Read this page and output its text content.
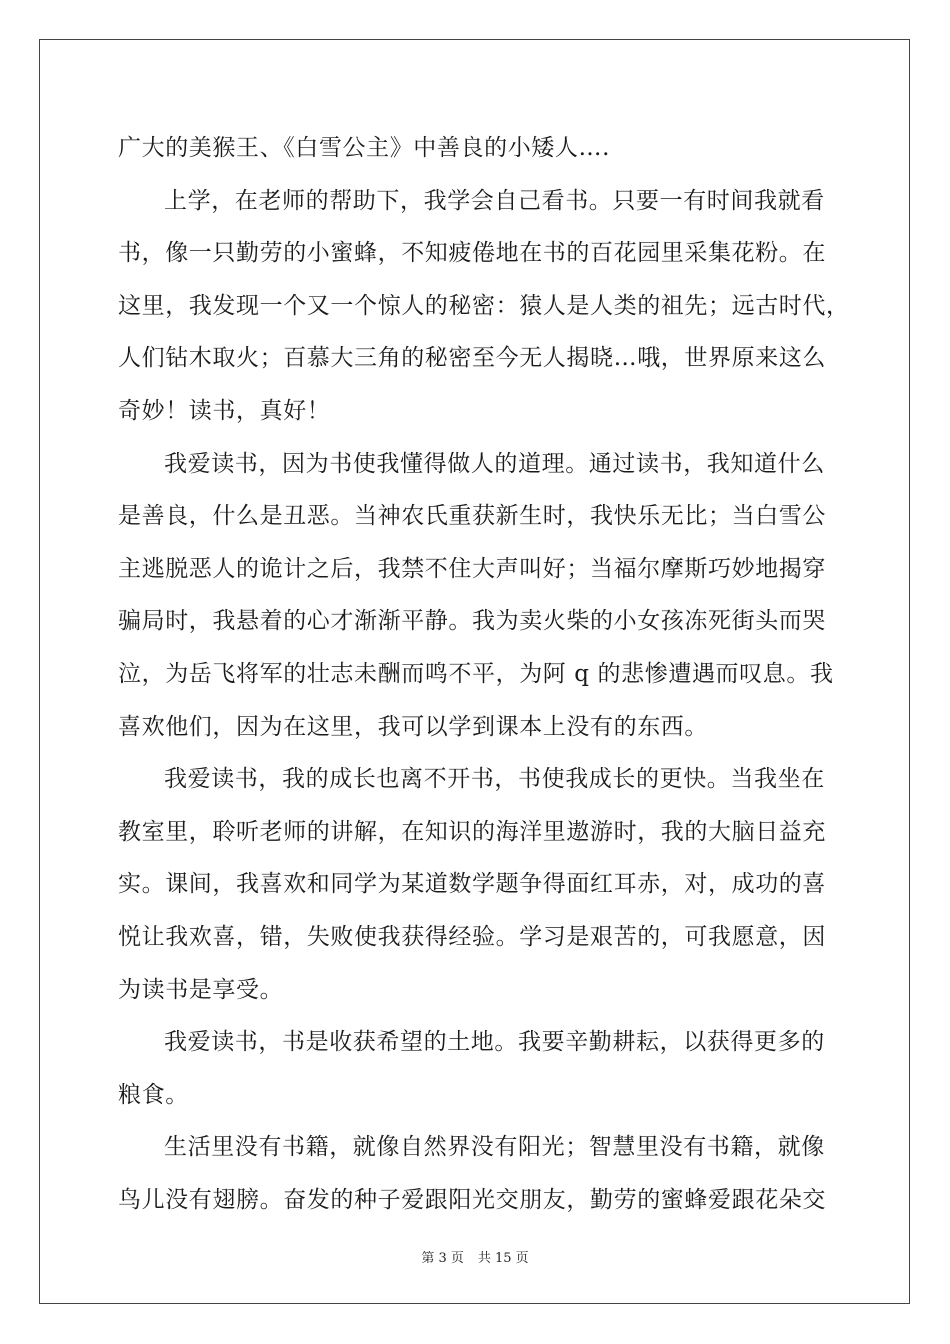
广大的美猴王、《白雪公主》中善良的小矮人….
上学，在老师的帮助下，我学会自己看书。只要一有时间我就看
书，像一只勤劳的小蜜蜂，不知疲倦地在书的百花园里采集花粉。在
这里，我发现一个又一个惊人的秘密：猿人是人类的祖先；远古时代，
人们钻木取火；百慕大三角的秘密至今无人揭晓…哦，世界原来这么
奇妙！读书，真好！
我爱读书，因为书使我懂得做人的道理。通过读书，我知道什么
是善良，什么是丑恶。当神农氏重获新生时，我快乐无比；当白雪公
主逃脱恶人的诡计之后，我禁不住大声叫好；当福尔摩斯巧妙地揭穿
骗局时，我悬着的心才渐渐平静。我为卖火柴的小女孩冻死街头而哭
泣，为岳飞将军的壮志未酬而鸣不平，为阿 q 的悲惨遭遇而叹息。我
喜欢他们，因为在这里，我可以学到课本上没有的东西。
我爱读书，我的成长也离不开书，书使我成长的更快。当我坐在
教室里，聆听老师的讲解，在知识的海洋里遨游时，我的大脑日益充
实。课间，我喜欢和同学为某道数学题争得面红耳赤，对，成功的喜
悦让我欢喜，错，失败使我获得经验。学习是艰苦的，可我愿意，因
为读书是享受。
我爱读书，书是收获希望的土地。我要辛勤耕耘，以获得更多的
粮食。
生活里没有书籍，就像自然界没有阳光；智慧里没有书籍，就像
鸟儿没有翅膀。奋发的种子爱跟阳光交朋友，勤劳的蜜蜂爱跟花朵交
第 3 页 共 15 页
